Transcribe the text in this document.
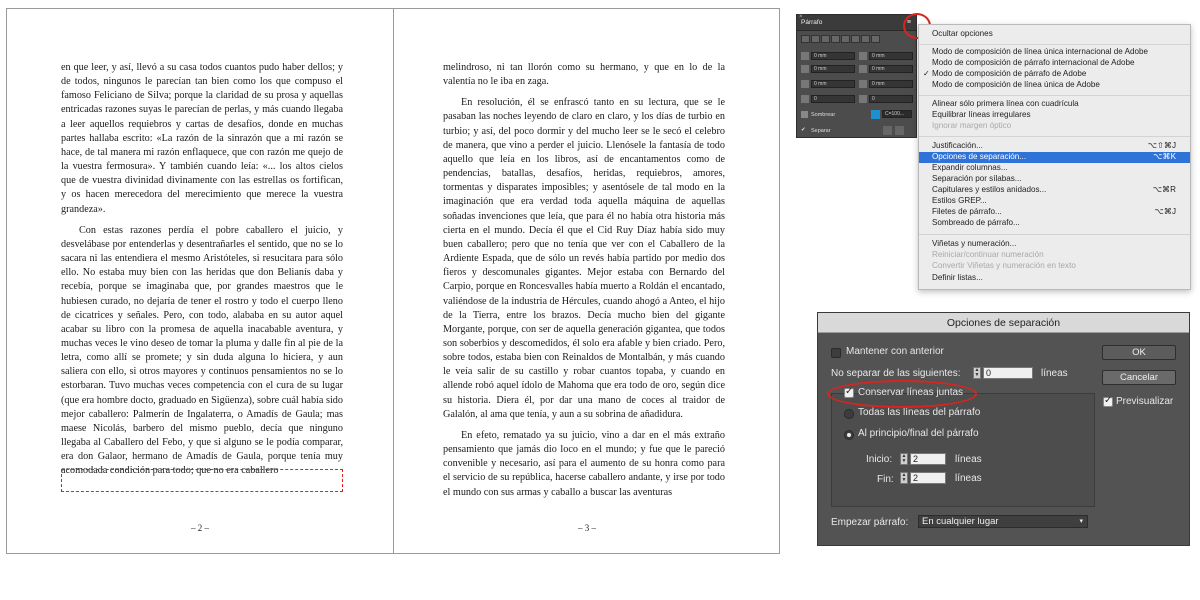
en que leer, y así, llevó a su casa todos cuantos pudo haber dellos; y de todos, ningunos le parecían tan bien como los que compuso el famoso Feliciano de Silva; porque la claridad de su prosa y aquellas entricadas razones suyas le parecían de perlas, y más cuando llegaba a leer aquellos requiebros y cartas de desafíos, donde en muchas partes hallaba escrito: «La razón de la sinrazón que a mi razón se hace, de tal manera mi razón enflaquece, que con razón me quejo de la vuestra fermosura». Y también cuando leía: «... los altos cielos que de vuestra divinidad divinamente con las estrellas os fortifican, y os hacen merecedora del merecimiento que merece la vuestra grandeza».

Con estas razones perdía el pobre caballero el juicio, y desvelábase por entenderlas y desentrañarles el sentido, que no se lo sacara ni las entendiera el mesmo Aristóteles, si resucitara para sólo ello. No estaba muy bien con las heridas que don Belianís daba y recebía, porque se imaginaba que, por grandes maestros que le hubiesen curado, no dejaría de tener el rostro y todo el cuerpo lleno de cicatrices y señales. Pero, con todo, alababa en su autor aquel acabar su libro con la promesa de aquella inacabable aventura, y muchas veces le vino deseo de tomar la pluma y dalle fin al pie de la letra, como allí se promete; y sin duda alguna lo hiciera, y aun saliera con ello, si otros mayores y continuos pensamientos no se lo estorbaran. Tuvo muchas veces competencia con el cura de su lugar (que era hombre docto, graduado en Sigüenza), sobre cuál había sido mejor caballero: Palmerín de Ingalaterra, o Amadís de Gaula; mas maese Nicolás, barbero del mismo pueblo, decía que ninguno llegaba al Caballero del Febo, y que si alguno se le podía comparar, era don Galaor, hermano de Amadís de Gaula, porque tenía muy acomodada condición para todo; que no era caballero

– 2 –

melindroso, ni tan llorón como su hermano, y que en lo de la valentía no le iba en zaga.

En resolución, él se enfrascó tanto en su lectura, que se le pasaban las noches leyendo de claro en claro, y los días de turbio en turbio; y así, del poco dormir y del mucho leer se le secó el celebro de manera, que vino a perder el juicio. Llenósele la fantasía de todo aquello que leía en los libros, así de encantamentos como de pendencias, batallas, desafíos, heridas, requiebros, amores, tormentas y disparates imposibles; y asentósele de tal modo en la imaginación que era verdad toda aquella máquina de aquellas soñadas invenciones que leía, que para él no había otra historia más cierta en el mundo. Decía él que el Cid Ruy Díaz había sido muy buen caballero; pero que no tenía que ver con el Caballero de la Ardiente Espada, que de sólo un revés había partido por medio dos fieros y descomunales gigantes. Mejor estaba con Bernardo del Carpio, porque en Roncesvalles había muerto a Roldán el encantado, valiéndose de la industria de Hércules, cuando ahogó a Anteo, el hijo de la Tierra, entre los brazos. Decía mucho bien del gigante Morgante, porque, con ser de aquella generación gigantea, que todos son soberbios y descomedidos, él solo era afable y bien criado. Pero, sobre todos, estaba bien con Reinaldos de Montalbán, y más cuando le veía salir de su castillo y robar cuantos topaba, y cuando en allende robó aquel ídolo de Mahoma que era todo de oro, según dice su historia. Diera él, por dar una mano de coces al traidor de Galalón, al ama que tenía, y aun a su sobrina de añadidura.

En efeto, rematado ya su juicio, vino a dar en el más extraño pensamiento que jamás dio loco en el mundo; y fue que le pareció convenible y necesario, así para el aumento de su honra como para el servicio de su república, hacerse caballero andante, y irse por todo el mundo con sus armas y caballo a buscar las aventuras

– 3 –
×
Párrafo	≡
0 mm	0 mm
0 mm	0 mm
0 mm	0 mm
0	0
Sombrear	C=100...
✔ Separar
Ocultar opciones
Modo de composición de línea única internacional de Adobe
Modo de composición de párrafo internacional de Adobe
✓ Modo de composición de párrafo de Adobe
Modo de composición de línea única de Adobe
Alinear sólo primera línea con cuadrícula
Equilibrar líneas irregulares
Ignorar margen óptico
Justificación...	⌥⇧⌘J
Opciones de separación...	⌥⌘K
Expandir columnas...
Separación por sílabas...
Capitulares y estilos anidados...	⌥⌘R
Estilos GREP...
Filetes de párrafo...	⌥⌘J
Sombreado de párrafo...
Viñetas y numeración...
Reiniciar/continuar numeración
Convertir Viñetas y numeración en texto
Definir listas...
Opciones de separación
Mantener con anterior
No separar de las siguientes:	▲
▼ 0	líneas
✓
Conservar líneas juntas
Todas las líneas del párrafo
Al principio/final del párrafo
Inicio:	▲
▼ 2	líneas
Fin:	▲
▼ 2	líneas
Empezar párrafo:	En cualquier lugar	▾
OK
Cancelar
✓
Previsualizar
